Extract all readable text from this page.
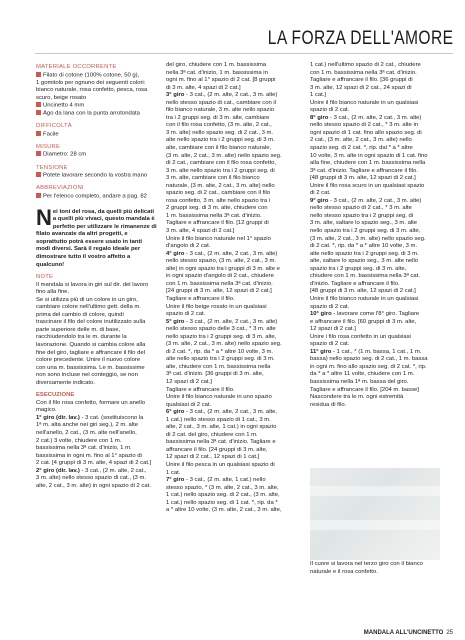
LA FORZA DELL'AMORE
MATERIALE OCCORRENTE

Filato di cotone (100% cotone, 50 g),

1 gomitolo per ognuno dei seguenti colori:

bianco naturale, rosa confetto, pesca, rosa

scuro, beige rosato

Uncinetto 4 mm

Ago da lana con la punta arrotondata

DIFFICOLTÀ

Facile

MISURE

Diametro: 28 cm

TENSIONE

Potete lavorare secondo la vostra mano

ABBREVIAZIONI

Per l'elenco completo, andare a pag. 82

N ei toni del rosa, da quelli più delicati

a quelli più vivaci, questo mandala è

perfetto per utilizzare le rimanenze di

filato avanzate da altri progetti, e

soprattutto potrà essere usato in tanti

modi diversi. Sarà il regalo ideale per

dimostrare tutto il vostro affetto a

qualcuno!

NOTE

Il mandala si lavora in giri sul dir. del lavoro

fino alla fine.

Se si utilizza più di un colore in un giro,

cambiare colore nell'ultimo gett. della m.

prima del cambio di colore, quindi

trascinare il filo del colore inutilizzato sulla

parte superiore delle m. di base,

racchiudendolo tra le m. durante la

lavorazione. Quando si cambia colore alla

fine del giro, tagliare e affrancare il filo del

colore precedente. Unire il nuovo colore

con una m. bassissima. Le m. bassissime

non sono incluse nel conteggio, se non

diversamente indicato.

ESECUZIONE

Con il filo rosa confetto, formare un anello

magico.

1° giro (dir. lav.) - 3 cat. (sostituiscono la

1ª m. alta anche nei giri seg.), 2 m. alte

nell'anello, 2 cat., (3 m. alte nell'anello,

2 cat.) 3 volte, chiudere con 1 m.

bassissima nella 3ª cat. d'inizio, 1 m.

bassissima in ogni m. fino al 1° spazio di

2 cat. [4 gruppi di 3 m. alte, 4 spazi di 2 cat.]

2° giro (dir. lav.) - 3 cat., (2 m. alte, 2 cat.,

3 m. alte) nello stesso spazio di cat., (3 m.

alte, 2 cat., 3 m. alte) in ogni spazio di 2 cat.

del giro, chiudere con 1 m. bassissima

nella 3ª cat. d'inizio, 1 m. bassissima in

ogni m. fino al 1° spazio di 2 cat. [8 gruppi

di 3 m. alte, 4 spazi di 2 cat.]

3° giro - 3 cat., (2 m. alte, 2 cat., 3 m. alte)

nello stesso spazio di cat., cambiare con il

filo bianco naturale, 3 m. alte nello spazio

tra i 2 gruppi seg. di 3 m. alte, cambiare

con il filo rosa confetto, (3 m. alte, 2 cat.,

3 m. alte) nello spazio seg. di 2 cat., 3 m.

alte nello spazio tra i 2 gruppi seg. di 3 m.

alte, cambiare con il filo bianco naturale,

(3 m. alte, 2 cat., 3 m. alte) nello spazio seg.

di 2 cat., cambiare con il filo rosa confetto,

3 m. alte nello spazio tra i 2 gruppi seg. di

3 m. alte, cambiare con il filo bianco

naturale, (3 m. alte, 2 cat., 3 m. alte) nello

spazio seg. di 2 cat., cambiare con il filo

rosa confetto, 3 m. alte nello spazio tra i

2 gruppi seg. di 3 m. alte, chiudere con

1 m. bassissima nella 3ª cat. d'inizio.

Tagliare e affrancare il filo. [12 gruppi di

3 m. alte, 4 spazi di 2 cat.]

Unire il filo bianco naturale nel 1° spazio

d'angolo di 2 cat.

4° giro - 3 cat., (2 m. alte, 2 cat., 3 m. alte)

nello stesso spazio, (3 m. alte, 2 cat., 3 m.

alte) in ogni spazio tra i gruppi di 3 m. alte e

in ogni spazio d'angolo di 2 cat., chiudere

con 1 m. bassissima nella 3ª cat. d'inizio.

[24 gruppi di 3 m. alte, 12 spazi di 2 cat.]

Tagliare e affrancare il filo.

Unire il filo beige rosato in un qualsiasi

spazio di 2 cat.

5° giro - 3 cat., (2 m. alte, 2 cat., 3 m. alte)

nello stesso spazio delle 3 cat., * 3 m. alte

nello spazio tra i 2 gruppi seg. di 3 m. alte,

(3 m. alte, 2 cat., 3 m. alte) nello spazio seg.

di 2 cat. *, rip. da * a * altre 10 volte, 3 m.

alte nello spazio tra i 2 gruppi seg. di 3 m.

alte, chiudere con 1 m. bassissima nella

3ª cat. d'inizio. [36 gruppi di 3 m. alte,

12 spazi di 2 cat.]

Tagliare e affrancare il filo.

Unire il filo bianco naturale in uno spazio

qualsiasi di 2 cat.

6° giro - 3 cat., (2 m. alte, 2 cat., 3 m. alte,

1 cat.) nello stesso spazio di 1 cat., 3 m.

alte, 2 cat., 3 m. alte, 1 cat.) in ogni spazio

di 2 cat. del giro, chiudere con 1 m.

bassissima nella 3ª cat. d'inizio. Tagliare e

affrancare il filo. [24 gruppi di 3 m. alte,

12 spazi di 2 cat., 12 spazi di 1 cat.]

Unire il filo pesca in un qualsiasi spazio di

1 cat.

7° giro - 3 cat., (2 m. alte, 1 cat.) nello

stesso spazio, * (3 m. alte, 2 cat., 3 m. alte,

1 cat.) nello spazio seg. di 2 cat., (3 m. alte,

1 cat.) nello spazio seg. di 1 cat. *, rip. da *

a * altre 10 volte, (3 m. alte, 2 cat., 3 m. alte,

1 cat.) nell'ultimo spazio di 2 cat., chiudere

con 1 m. bassissima nella 3ª cat. d'inizio.

Tagliare e affrancare il filo. [36 gruppi di

3 m. alte, 12 spazi di 2 cat., 24 spazi di

1 cat.]

Unire il filo bianco naturale in un qualsiasi

spazio di 2 cat.

8° giro - 3 cat., (2 m. alte, 2 cat., 3 m. alte)

nello stesso spazio di 2 cat., * 3 m. alte in

ogni spazio di 1 cat. fino allo spazio seg. di

2 cat., (3 m. alte, 2 cat., 3 m. alte) nello

spazio seg. di 2 cat. *, rip. dal * a * altre

10 volte, 3 m. alte in ogni spazio di 1 cat. fino

alla fine, chiudere con 1 m. bassissima nella

3ª cat. d'inizio. Tagliare e affrancare il filo.

[48 gruppi di 3 m. alte, 12 spazi di 2 cat.]

Unire il filo rosa scuro in un qualsiasi spazio

di 2 cat.

9° giro - 3 cat., (2 m. alte, 2 cat., 3 m. alte)

nello stesso spazio di 2 cat., * 3 m. alte

nello stesso spazio tra i 2 gruppi seg. di

3 m. alte, saltare lo spazio seg., 3 m. alte

nello spazio tra i 2 gruppi seg. di 3 m. alte,

(3 m. alte, 2 cat., 3 m. alte) nello spazio seg.

di 2 cat. *, rip. da * a * altre 10 volte, 3 m.

alte nello spazio tra i 2 gruppi seg. di 3 m.

alte, saltare lo spazio seg., 3 m. alte nello

spazio tra i 2 gruppi seg. di 3 m. alte,

chiudere con 1 m. bassissima nella 3ª cat.

d'inizio. Tagliare e affrancare il filo.

[48 gruppi di 3 m. alte, 12 spazi di 2 cat.]

Unire il filo bianco naturale in un qualsiasi

spazio di 2 cat.

10° giro - lavorare come l'8° giro. Tagliare

e affrancare il filo. [60 gruppi di 3 m. alte,

12 spazi di 2 cat.]

Unire i filo rosa confetto in un qualsiasi

spazio di 2 cat.

11° giro - 1 cat., * (1 m. bassa, 1 cat., 1 m.

bassa) nello spazio seg. di 2 cat., 1 m. bassa

in ogni m. fino allo spazio seg. di 2 cat. *, rip.

da * a * altre 11 volte, chiudere con 1 m.

bassissima nella 1ª m. bassa del giro.

Tagliare e affrancare il filo. [204 m. basse]

Nascondere tra le m. ogni estremità

residua di filo.

Il cuore si lavora nel terzo giro con il bianco

naturale e il rosa confetto.

MANDALA ALL'UNCINETTO 25
